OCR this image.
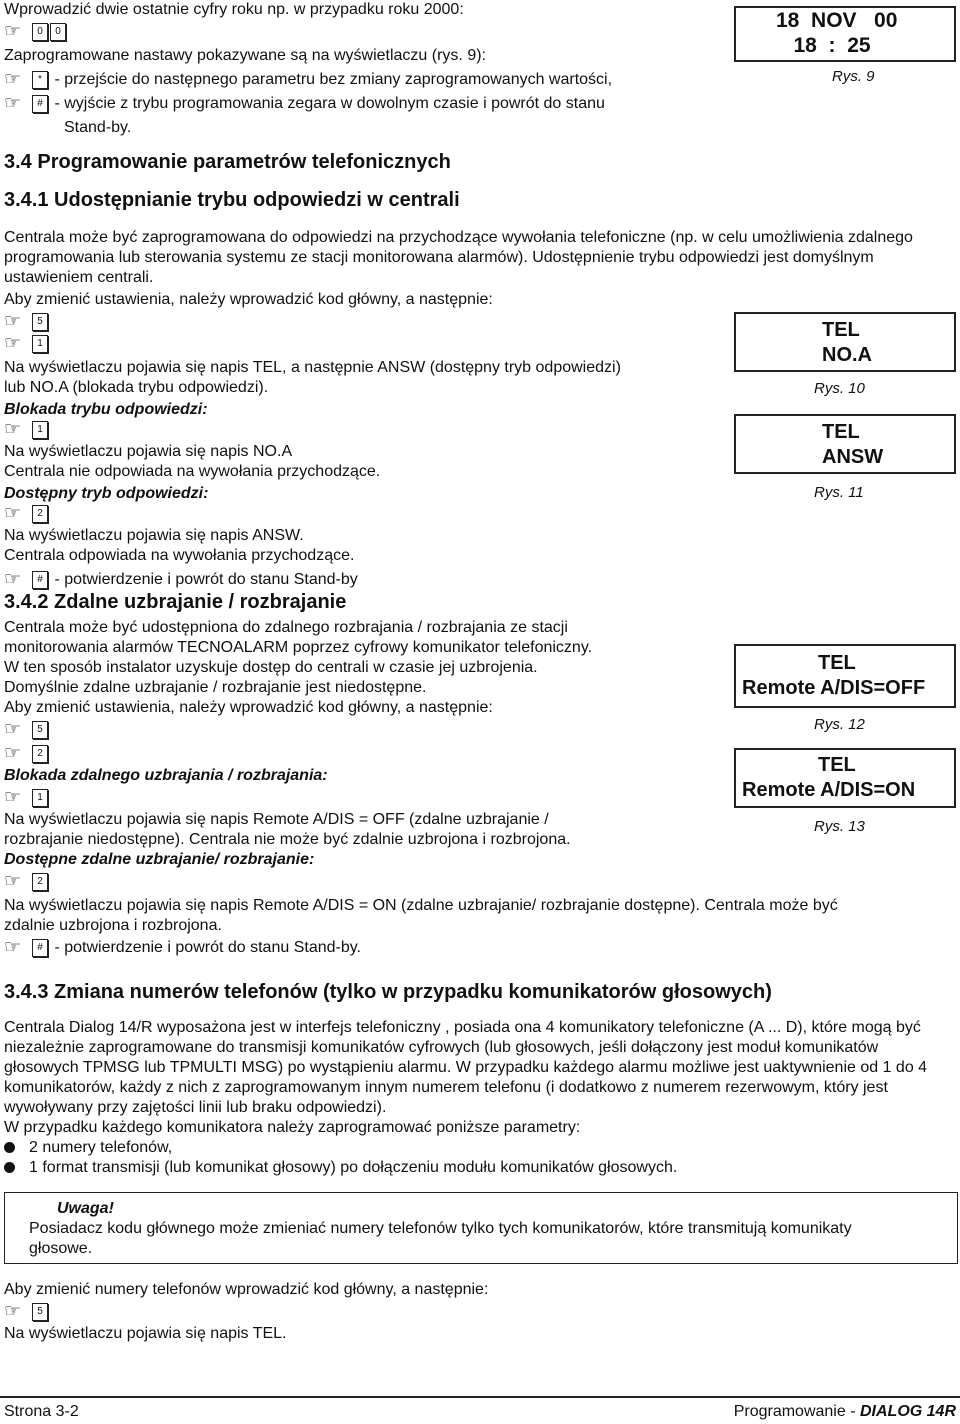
Wprowadzić dwie ostatnie cyfry roku np. w przypadku roku 2000:
☞ 0 0
Zaprogramowane nastawy pokazywane są na wyświetlaczu (rys. 9):
☞ * - przejście do następnego parametru bez zmiany zaprogramowanych wartości,
☞ # - wyjście z trybu programowania zegara w dowolnym czasie i powrót do stanu
Stand-by.
18  NOV   00
18  :  25
Rys. 9
3.4 Programowanie parametrów telefonicznych
3.4.1 Udostępnianie trybu odpowiedzi w centrali
Centrala może być zaprogramowana do odpowiedzi na przychodzące wywołania telefoniczne (np. w celu umożliwienia zdalnego programowania lub sterowania systemu ze stacji monitorowana alarmów). Udostępnienie trybu odpowiedzi jest domyślnym ustawieniem centrali.
Aby zmienić ustawienia, należy wprowadzić kod główny, a następnie:
☞ 5
☞ 1
Na wyświetlaczu pojawia się napis TEL, a następnie ANSW (dostępny tryb odpowiedzi)
lub NO.A (blokada trybu odpowiedzi).
Blokada trybu odpowiedzi:
☞ 1
Na wyświetlaczu pojawia się napis NO.A
Centrala nie odpowiada na wywołania przychodzące.
Dostępny tryb odpowiedzi:
☞ 2
Na wyświetlaczu pojawia się napis ANSW.
Centrala odpowiada na wywołania przychodzące.
☞ # - potwierdzenie i powrót do stanu Stand-by
TEL
NO.A
Rys. 10
TEL
ANSW
Rys. 11
3.4.2 Zdalne uzbrajanie / rozbrajanie
Centrala może być udostępniona do zdalnego rozbrajania / rozbrajania ze stacji
monitorowania alarmów TECNOALARM poprzez cyfrowy komunikator telefoniczny.
W ten sposób instalator uzyskuje dostęp do centrali w czasie jej uzbrojenia.
Domyślnie zdalne uzbrajanie / rozbrajanie jest niedostępne.
Aby zmienić ustawienia, należy wprowadzić kod główny, a następnie:
☞ 5
☞ 2
Blokada zdalnego uzbrajania / rozbrajania:
☞ 1
Na wyświetlaczu pojawia się napis Remote A/DIS = OFF (zdalne uzbrajanie /
rozbrajanie niedostępne). Centrala nie może być zdalnie uzbrojona i rozbrojona.
Dostępne zdalne uzbrajanie/ rozbrajanie:
☞ 2
Na wyświetlaczu pojawia się napis Remote A/DIS = ON (zdalne uzbrajanie/ rozbrajanie dostępne). Centrala może być
zdalnie uzbrojona i rozbrojona.
☞ # - potwierdzenie i powrót do stanu Stand-by.
TEL
Remote A/DIS=OFF
Rys. 12
TEL
Remote A/DIS=ON
Rys. 13
3.4.3 Zmiana numerów telefonów (tylko w przypadku komunikatorów głosowych)
Centrala Dialog 14/R wyposażona jest w interfejs telefoniczny , posiada ona 4 komunikatory telefoniczne (A ... D), które mogą być niezależnie zaprogramowane do transmisji komunikatów cyfrowych (lub głosowych, jeśli dołączony jest moduł komunikatów głosowych TPMSG lub TPMULTI MSG) po wystąpieniu alarmu. W przypadku każdego alarmu możliwe jest uaktywnienie od 1 do 4 komunikatorów, każdy z nich z zaprogramowanym innym numerem telefonu (i dodatkowo z numerem rezerwowym, który jest wywoływany przy zajętości linii lub braku odpowiedzi).
W przypadku każdego komunikatora należy zaprogramować poniższe parametry:
2 numery telefonów,
1 format transmisji (lub komunikat głosowy) po dołączeniu modułu komunikatów głosowych.
Uwaga!
Posiadacz kodu głównego może zmieniać numery telefonów tylko tych komunikatorów, które transmitują komunikaty głosowe.
Aby zmienić numery telefonów wprowadzić kod główny, a następnie:
☞ 5
Na wyświetlaczu pojawia się napis TEL.
Strona 3-2	Programowanie - DIALOG 14R
